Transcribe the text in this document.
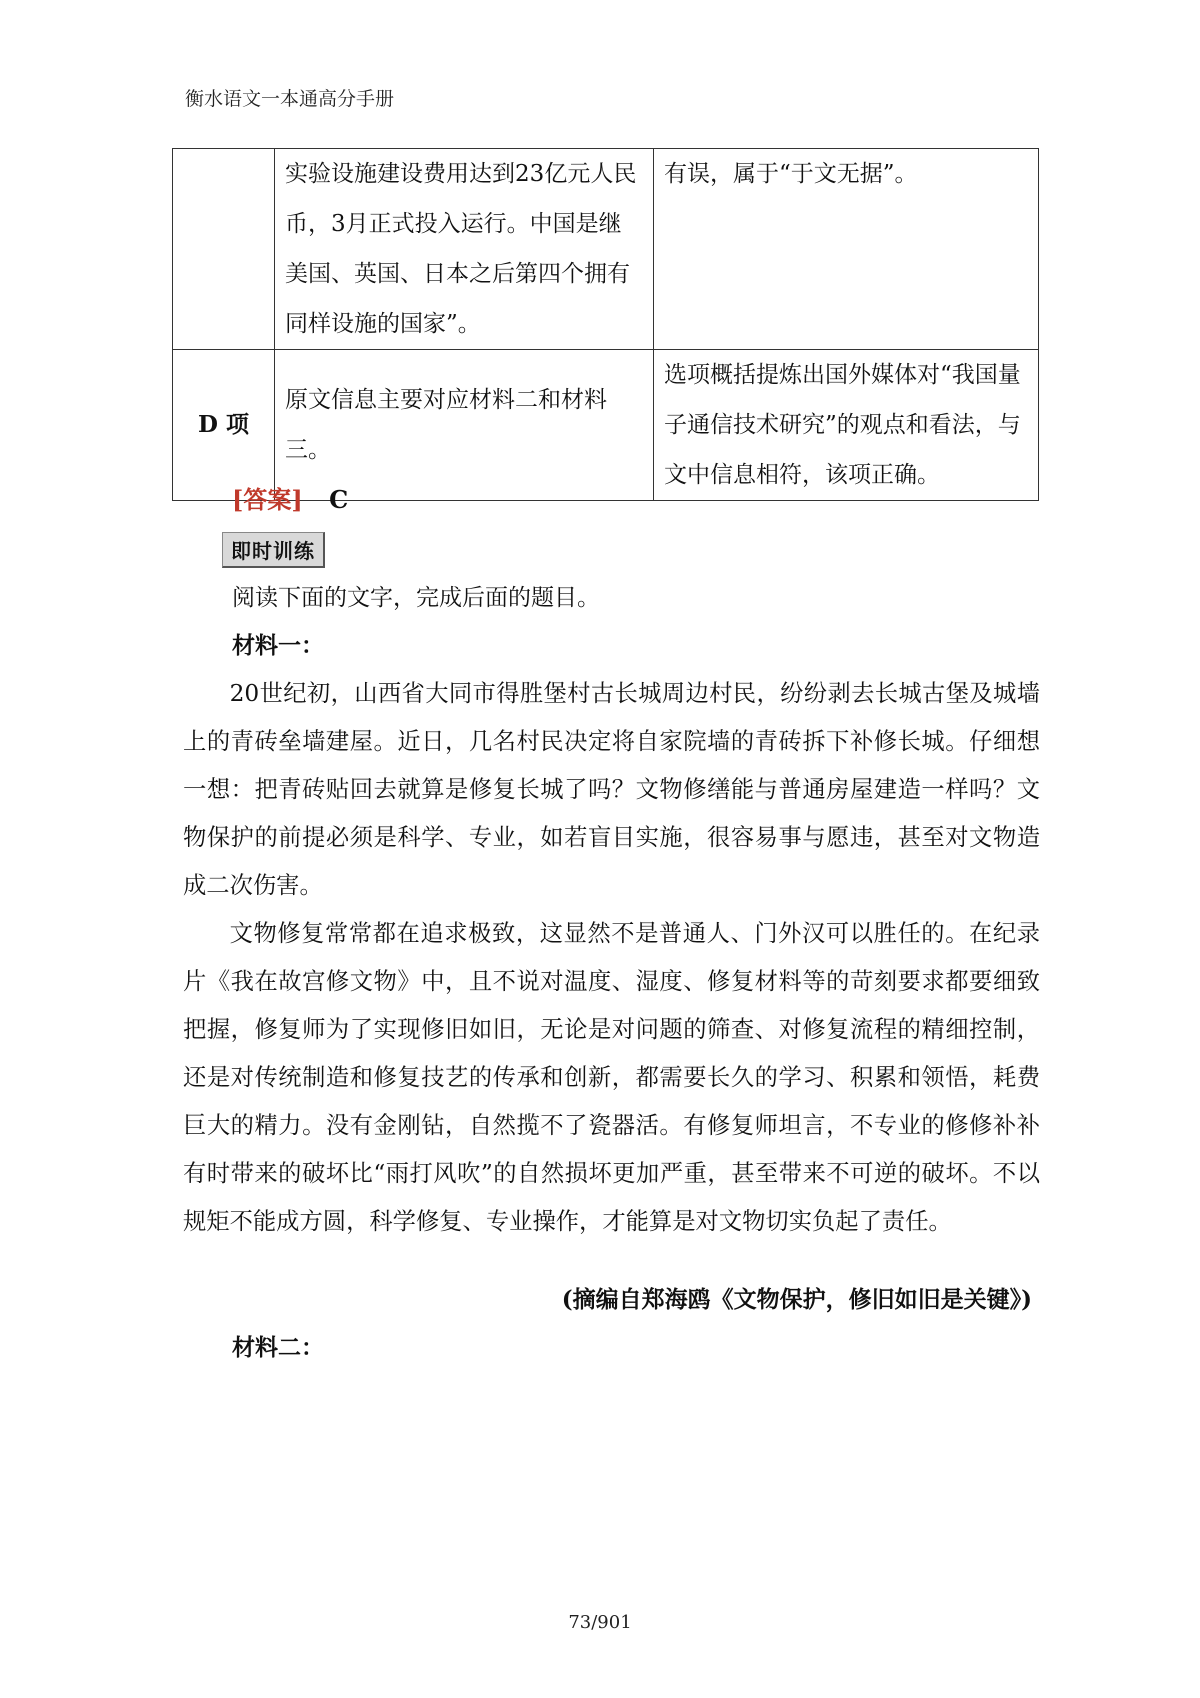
衡水语文一本通高分手册
	实验设施建设费用达到23亿元人民币，3月正式投入运行。中国是继美国、英国、日本之后第四个拥有同样设施的国家”。	有误，属于“于文无据”。
D 项	原文信息主要对应材料二和材料三。	选项概括提炼出国外媒体对“我国量子通信技术研究”的观点和看法，与文中信息相符，该项正确。
[答案] C
即时训练
阅读下面的文字，完成后面的题目。
材料一：
20世纪初，山西省大同市得胜堡村古长城周边村民，纷纷剥去长城古堡及城墙上的青砖垒墙建屋。近日，几名村民决定将自家院墙的青砖拆下补修长城。仔细想一想：把青砖贴回去就算是修复长城了吗？文物修缮能与普通房屋建造一样吗？文物保护的前提必须是科学、专业，如若盲目实施，很容易事与愿违，甚至对文物造成二次伤害。
文物修复常常都在追求极致，这显然不是普通人、门外汉可以胜任的。在纪录片《我在故宫修文物》中，且不说对温度、湿度、修复材料等的苛刻要求都要细致把握，修复师为了实现修旧如旧，无论是对问题的筛查、对修复流程的精细控制，还是对传统制造和修复技艺的传承和创新，都需要长久的学习、积累和领悟，耗费巨大的精力。没有金刚钻，自然揽不了瓷器活。有修复师坦言，不专业的修修补补有时带来的破坏比“雨打风吹”的自然损坏更加严重，甚至带来不可逆的破坏。不以规矩不能成方圆，科学修复、专业操作，才能算是对文物切实负起了责任。
(摘编自郑海鸥《文物保护，修旧如旧是关键》)
材料二：
73/901
